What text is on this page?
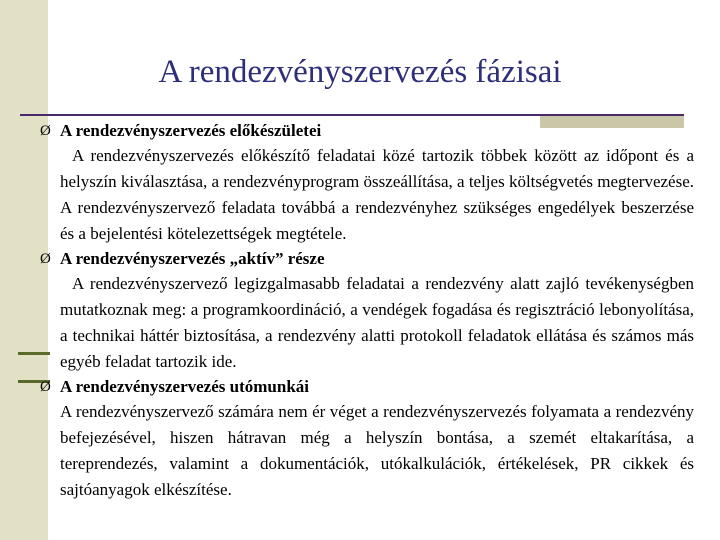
A rendezvényszervezés fázisai
Ø A rendezvényszervezés előkészületei
A rendezvényszervezés előkészítő feladatai közé tartozik többek között az időpont és a helyszín kiválasztása, a rendezvényprogram összeállítása, a teljes költségvetés megtervezése. A rendezvényszervező feladata továbbá a rendezvényhez szükséges engedélyek beszerzése és a bejelentési kötelezettségek megtétele.
Ø A rendezvényszervezés „aktív” része
A rendezvényszervező legizgalmasabb feladatai a rendezvény alatt zajló tevékenységben mutatkoznak meg: a programkoordináció, a vendégek fogadása és regisztráció lebonyolítása, a technikai háttér biztosítása, a rendezvény alatti protokoll feladatok ellátása és számos más egyéb feladat tartozik ide.
Ø A rendezvényszervezés utómunkái
A rendezvényszervező számára nem ér véget a rendezvényszervezés folyamata a rendezvény befejezésével, hiszen hátravan még a helyszín bontása, a szemét eltakarítása, a tereprendezés, valamint a dokumentációk, utókalkulációk, értékelések, PR cikkek és sajtóanyagok elkészítése.
